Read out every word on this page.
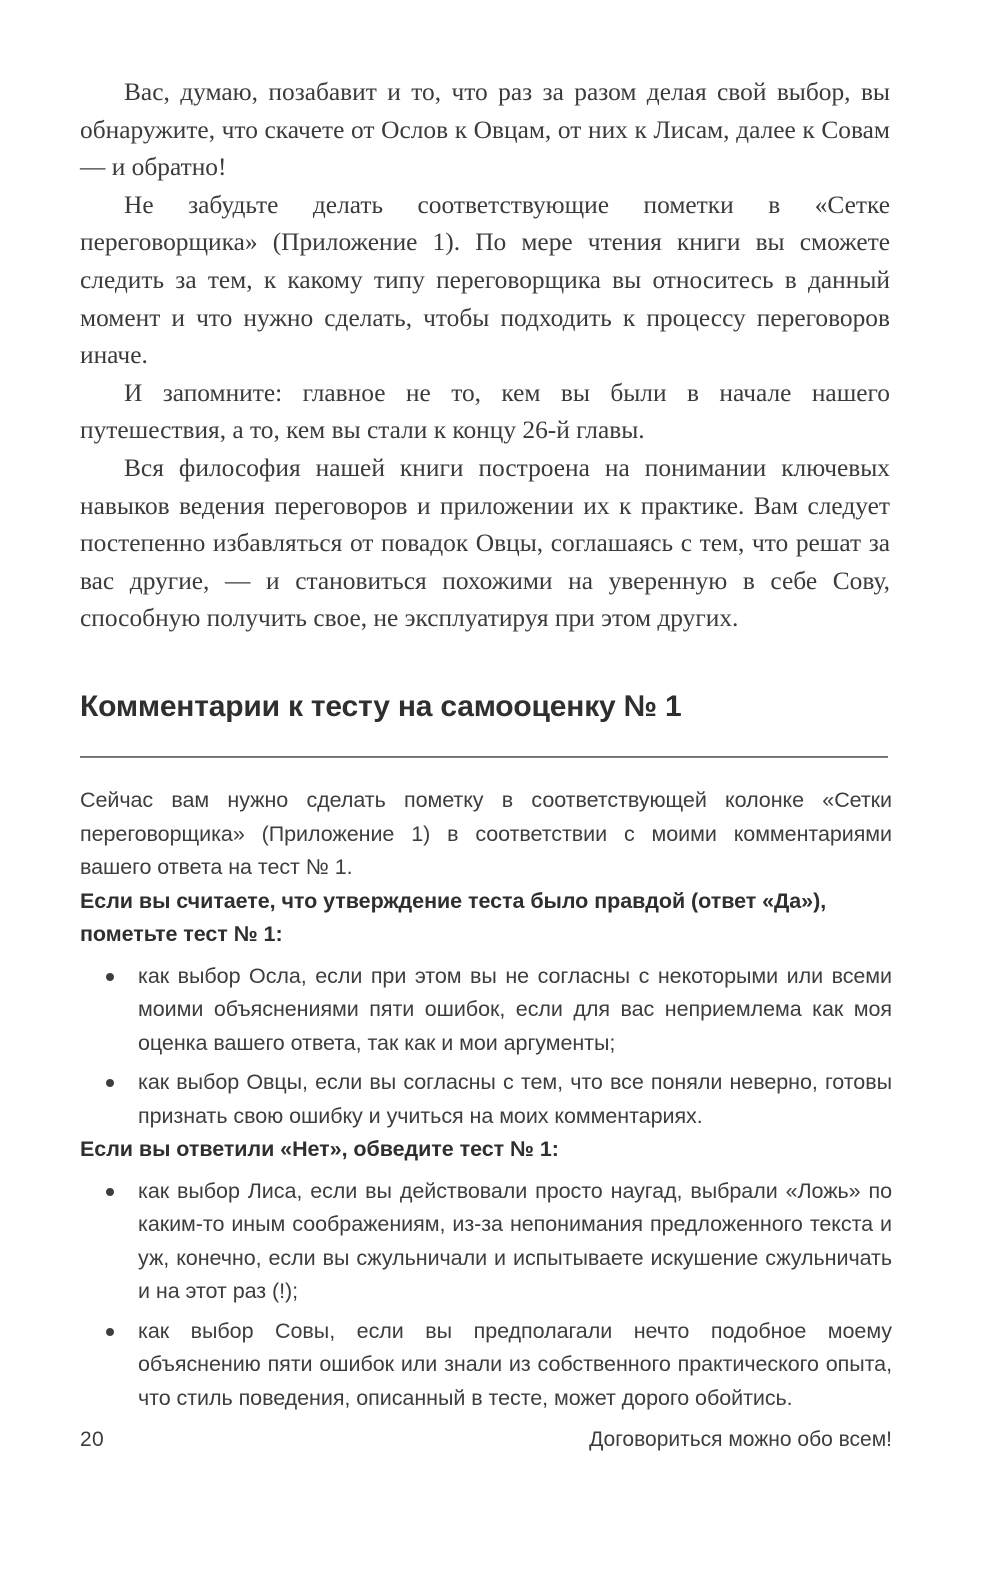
Вас, думаю, позабавит и то, что раз за разом делая свой выбор, вы обнаружите, что скачете от Ослов к Овцам, от них к Лисам, далее к Совам — и обратно!

Не забудьте делать соответствующие пометки в «Сетке переговорщика» (Приложение 1). По мере чтения книги вы сможете следить за тем, к какому типу переговорщика вы относитесь в данный момент и что нужно сделать, чтобы подходить к процессу переговоров иначе.

И запомните: главное не то, кем вы были в начале нашего путешествия, а то, кем вы стали к концу 26-й главы.

Вся философия нашей книги построена на понимании ключевых навыков ведения переговоров и приложении их к практике. Вам следует постепенно избавляться от повадок Овцы, соглашаясь с тем, что решат за вас другие, — и становиться похожими на уверенную в себе Сову, способную получить свое, не эксплуатируя при этом других.

Комментарии к тесту на самооценку № 1

Сейчас вам нужно сделать пометку в соответствующей колонке «Сетки переговорщика» (Приложение 1) в соответствии с моими комментариями вашего ответа на тест № 1.

Если вы считаете, что утверждение теста было правдой (ответ «Да»), пометьте тест № 1:

как выбор Осла, если при этом вы не согласны с некоторыми или всеми моими объяснениями пяти ошибок, если для вас неприемлема как моя оценка вашего ответа, так как и мои аргументы;
как выбор Овцы, если вы согласны с тем, что все поняли неверно, готовы признать свою ошибку и учиться на моих комментариях.

Если вы ответили «Нет», обведите тест № 1:

как выбор Лиса, если вы действовали просто наугад, выбрали «Ложь» по каким-то иным соображениям, из-за непонимания предложенного текста и уж, конечно, если вы сжульничали и испытываете искушение сжульничать и на этот раз (!);
как выбор Совы, если вы предполагали нечто подобное моему объяснению пяти ошибок или знали из собственного практического опыта, что стиль поведения, описанный в тесте, может дорого обойтись.
20	Договориться можно обо всем!
